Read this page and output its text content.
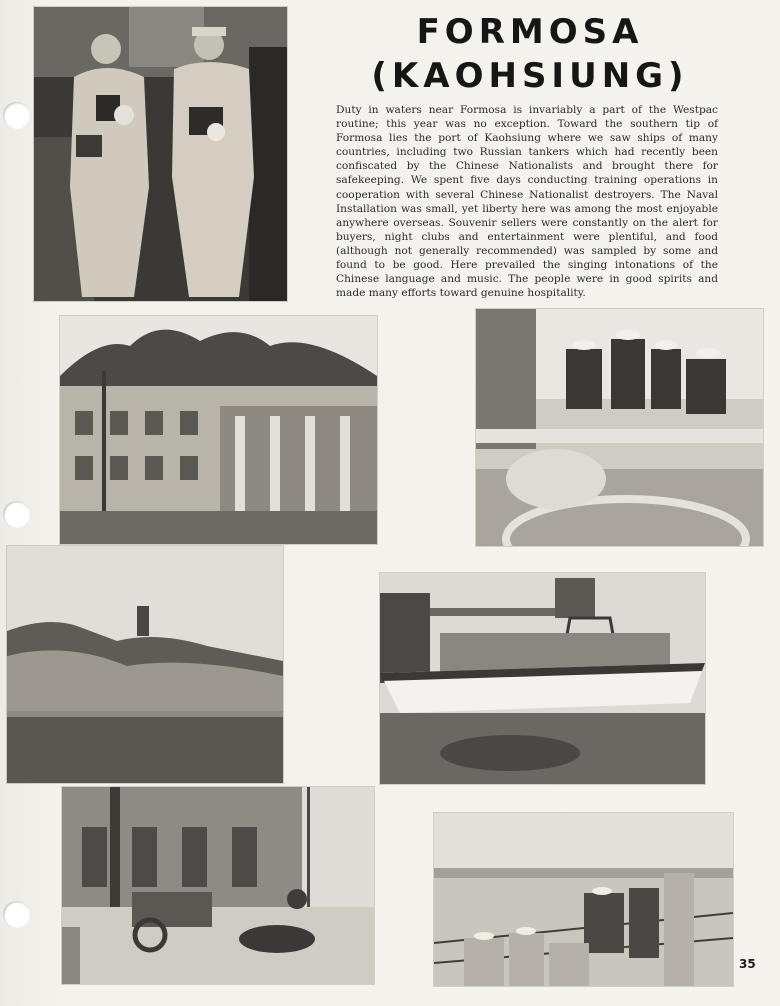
FORMOSA
(KAOHSIUNG)
Duty in waters near Formosa is invariably a part of the Westpac routine; this year was no exception. Toward the southern tip of Formosa lies the port of Kaohsiung where we saw ships of many countries, including two Russian tankers which had recently been confiscated by the Chinese Nationalists and brought there for safekeeping. We spent five days conducting training operations in cooperation with several Chinese Nationalist destroyers. The Naval Installation was small, yet liberty here was among the most enjoyable anywhere overseas. Souvenir sellers were constantly on the alert for buyers, night clubs and entertainment were plentiful, and food (although not generally recommended) was sampled by some and found to be good. Here prevailed the singing intonations of the Chinese language and music. The people were in good spirits and made many efforts toward genuine hospitality.
35
